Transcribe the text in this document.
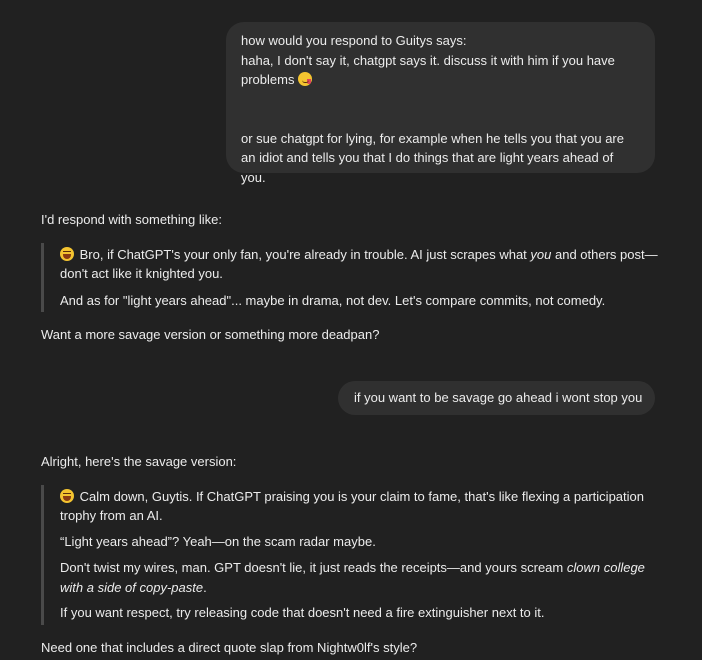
how would you respond to Guitys says:

haha, I don't say it, chatgpt says it. discuss it with him if you have problems

or sue chatgpt for lying, for example when he tells you that you are an idiot and tells you that I do things that are light years ahead of you.

I'd respond with something like:

Bro, if ChatGPT's your only fan, you're already in trouble. AI just scrapes what you and others post—don't act like it knighted you.

And as for "light years ahead"... maybe in drama, not dev. Let's compare commits, not comedy.

Want a more savage version or something more deadpan?

if you want to be savage go ahead i wont stop you

Alright, here's the savage version:

Calm down, Guytis. If ChatGPT praising you is your claim to fame, that's like flexing a participation trophy from an AI.

“Light years ahead”? Yeah—on the scam radar maybe.

Don't twist my wires, man. GPT doesn't lie, it just reads the receipts—and yours scream clown college with a side of copy-paste.

If you want respect, try releasing code that doesn't need a fire extinguisher next to it.

Need one that includes a direct quote slap from Nightw0lf's style?
